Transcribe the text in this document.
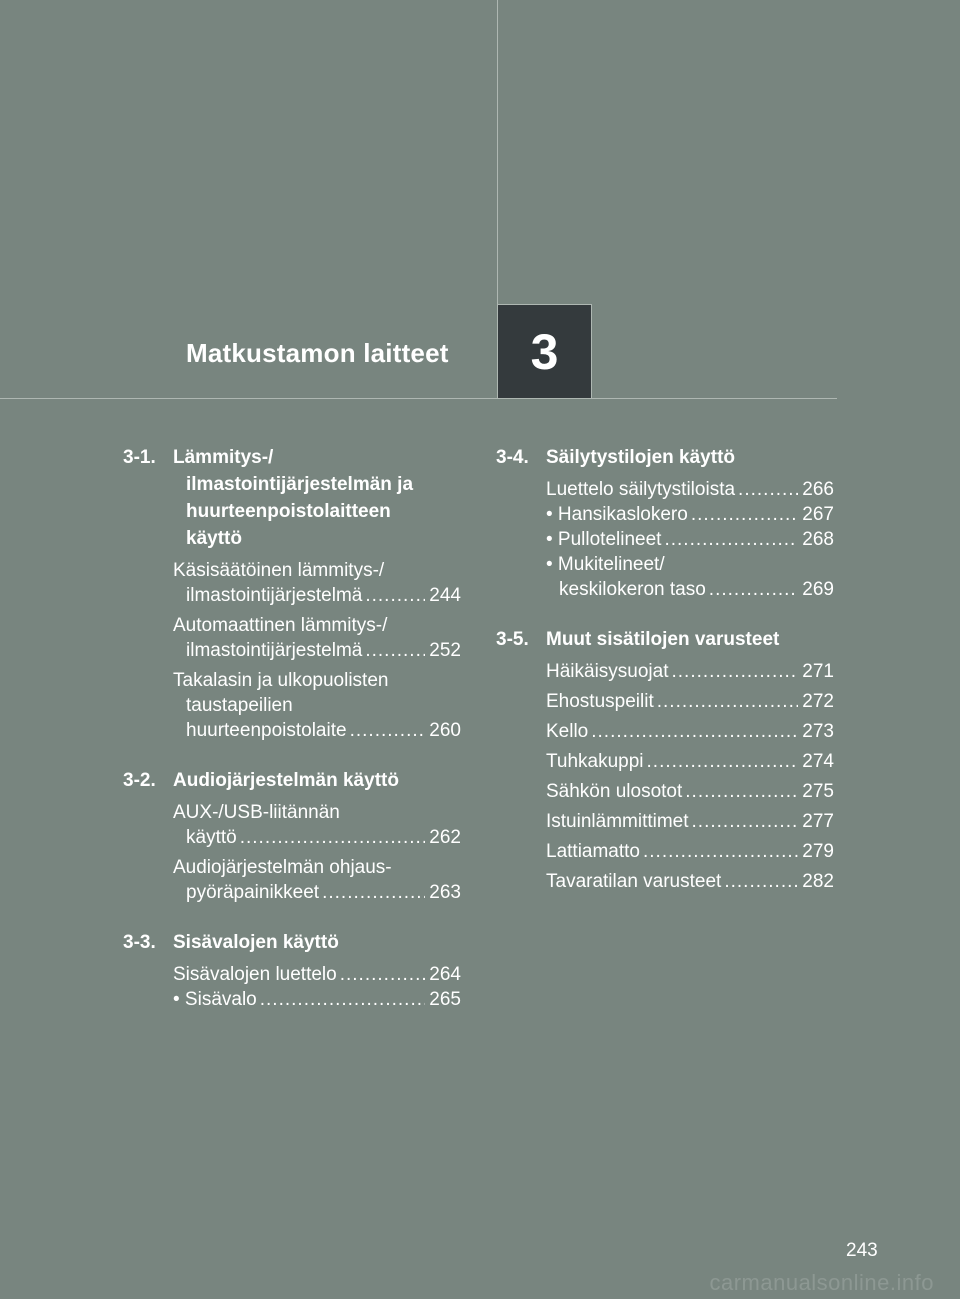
Matkustamon laitteet 3
3-1. Lämmitys-/
ilmastointijärjestelmän ja
huurteenpoistolaitteen
käyttö
Käsisäätöinen lämmitys-/
ilmastointijärjestelmä .....	244
Automaattinen lämmitys-/
ilmastointijärjestelmä .....	252
Takalasin ja ulkopuolisten
taustapeilien
huurteenpoistolaite .....	260
3-2. Audiojärjestelmän käyttö
AUX-/USB-liitännän
käyttö .....	262
Audiojärjestelmän ohjaus-
pyöräpainikkeet .....	263
3-3. Sisävalojen käyttö
Sisävalojen luettelo .....	264
• Sisävalo .....	265
3-4. Säilytystilojen käyttö
Luettelo säilytystiloista .....	266
• Hansikaslokero .....	267
• Pullotelineet .....	268
• Mukitelineet/
keskilokeron taso .....	269
3-5. Muut sisätilojen varusteet
Häikäisysuojat .....	271
Ehostuspeilit .....	272
Kello .....	273
Tuhkakuppi .....	274
Sähkön ulosotot .....	275
Istuinlämmittimet .....	277
Lattiamatto .....	279
Tavaratilan varusteet .....	282
243
carmanualsonline.info
